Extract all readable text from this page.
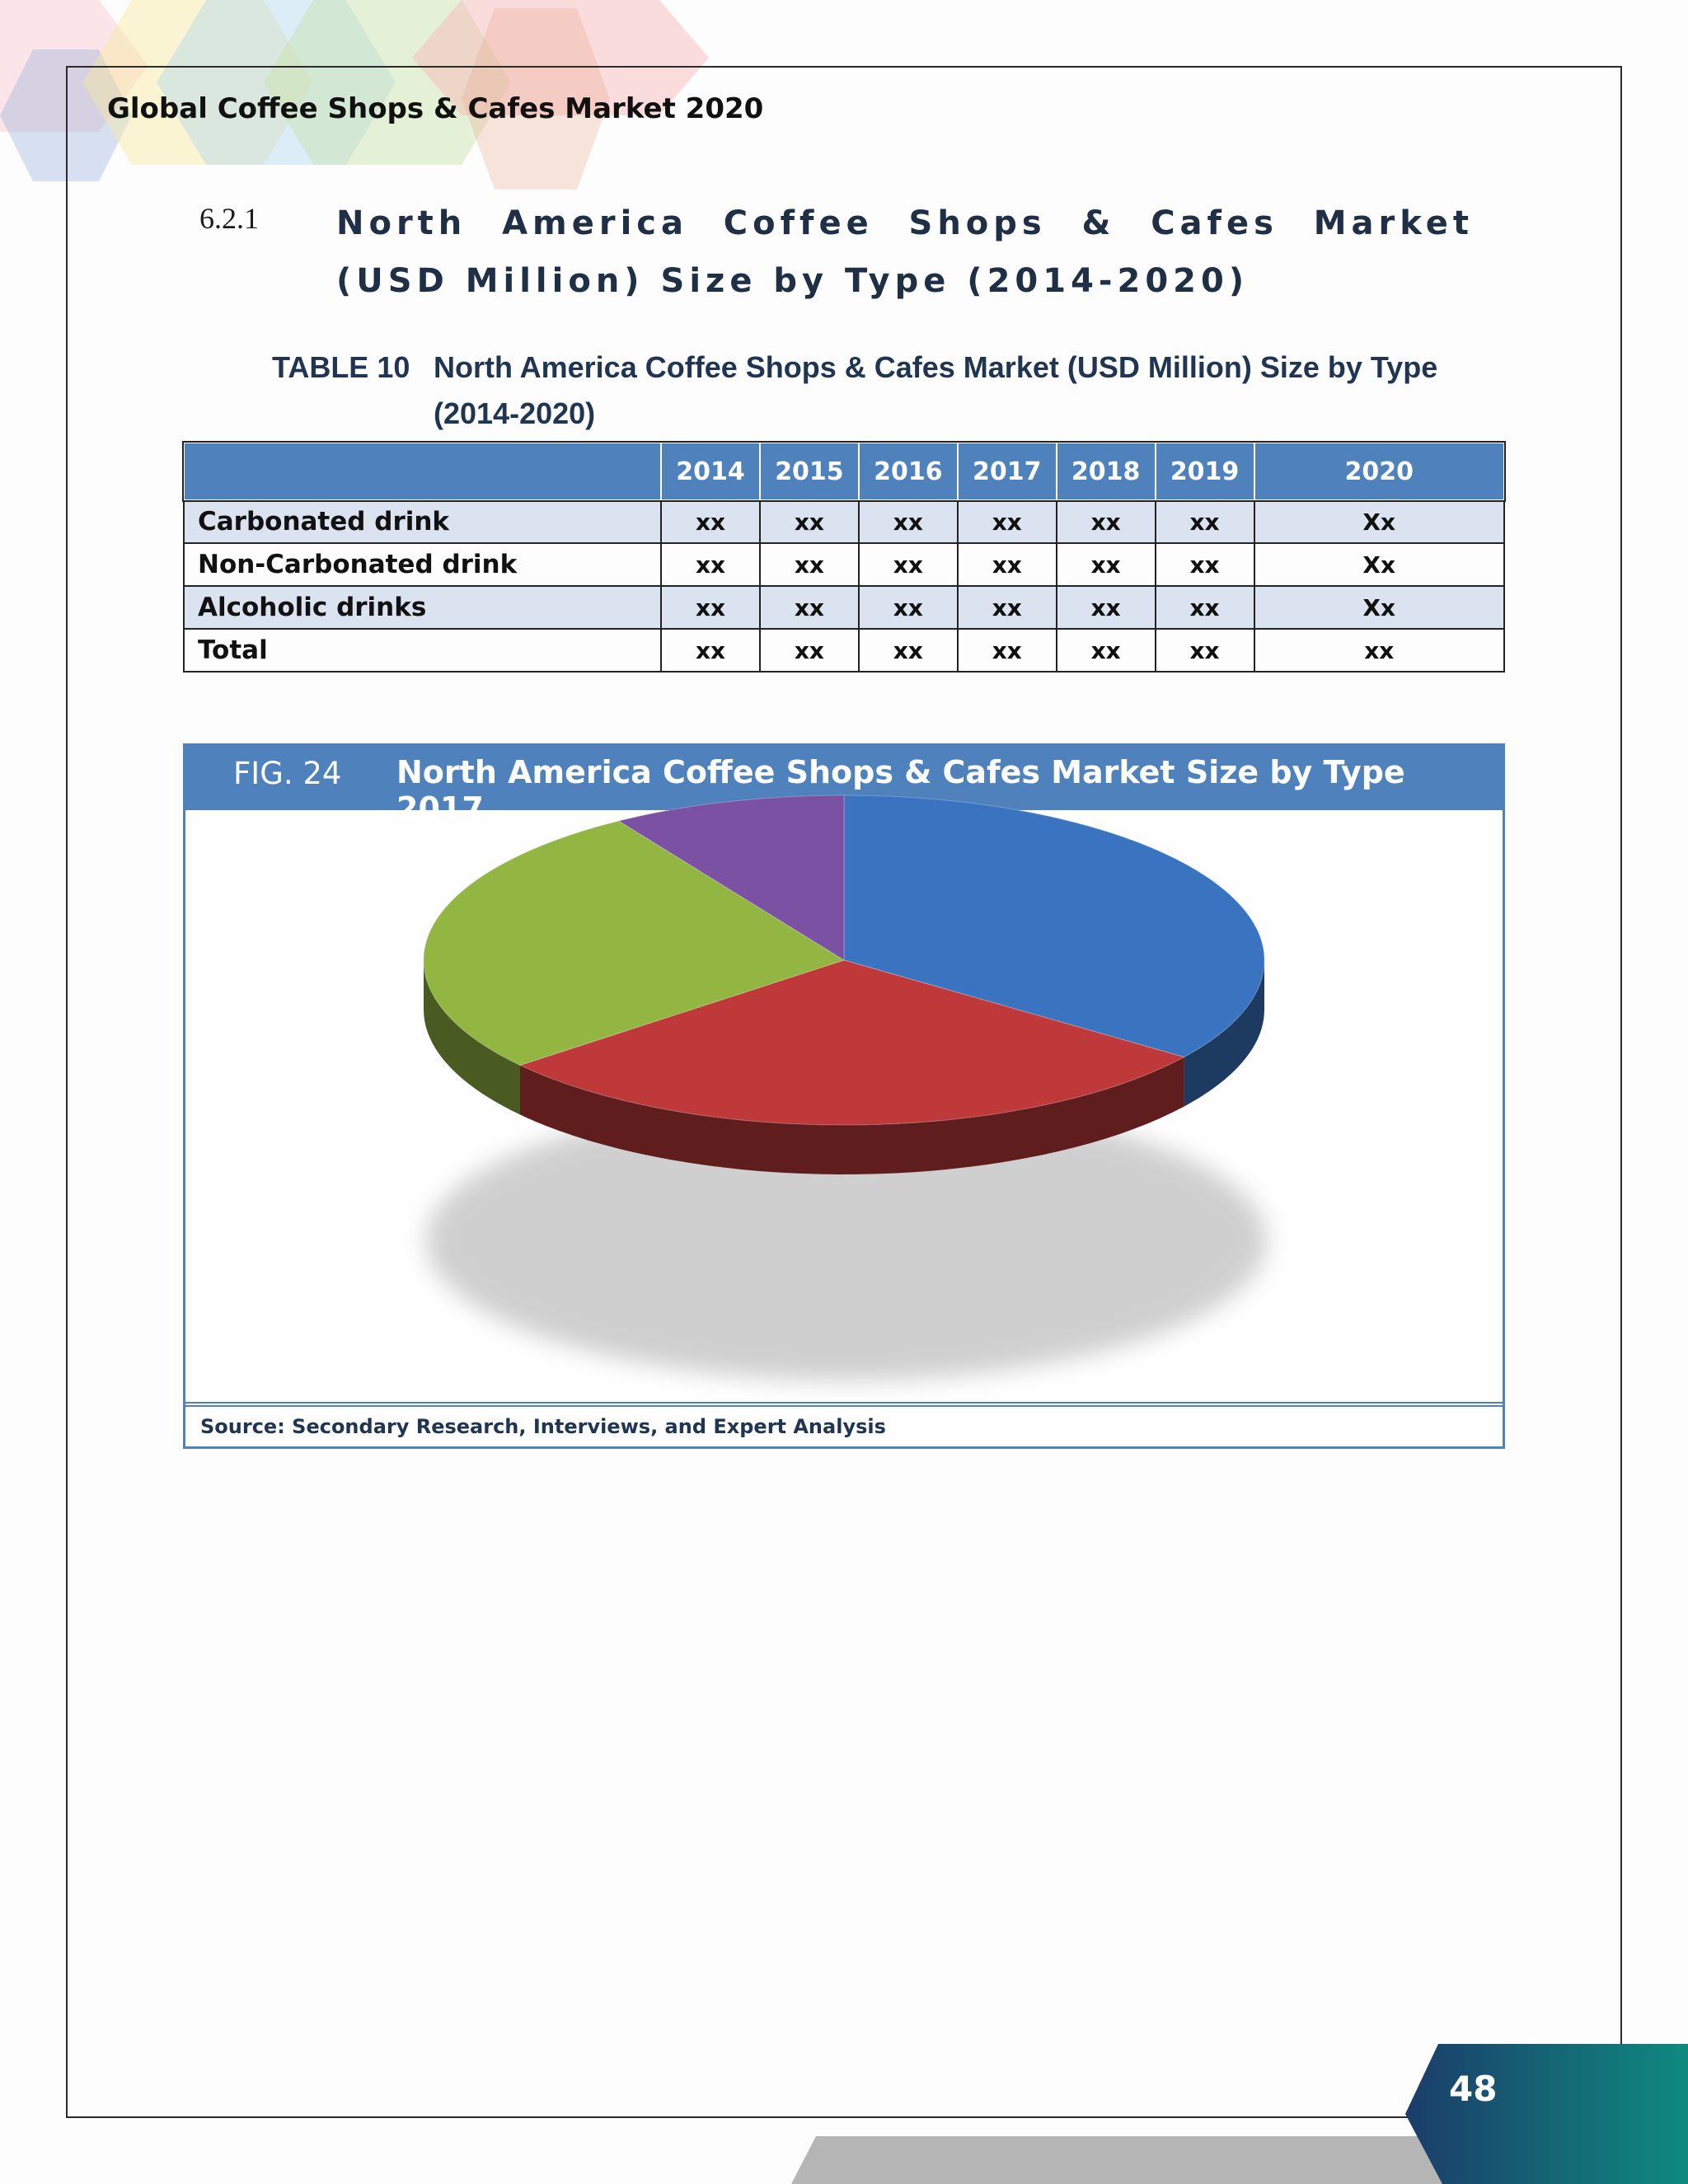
Global Coffee Shops & Cafes Market 2020
6.2.1 North America Coffee Shops & Cafes Market (USD Million) Size by Type (2014-2020)
TABLE 10 North America Coffee Shops & Cafes Market (USD Million) Size by Type (2014-2020)
	2014	2015	2016	2017	2018	2019	2020
Carbonated drink	xx	xx	xx	xx	xx	xx	Xx
Non-Carbonated drink	xx	xx	xx	xx	xx	xx	Xx
Alcoholic drinks	xx	xx	xx	xx	xx	xx	Xx
Total	xx	xx	xx	xx	xx	xx	xx
FIG. 24 North America Coffee Shops & Cafes Market Size by Type 2017
Source: Secondary Research, Interviews, and Expert Analysis
48
